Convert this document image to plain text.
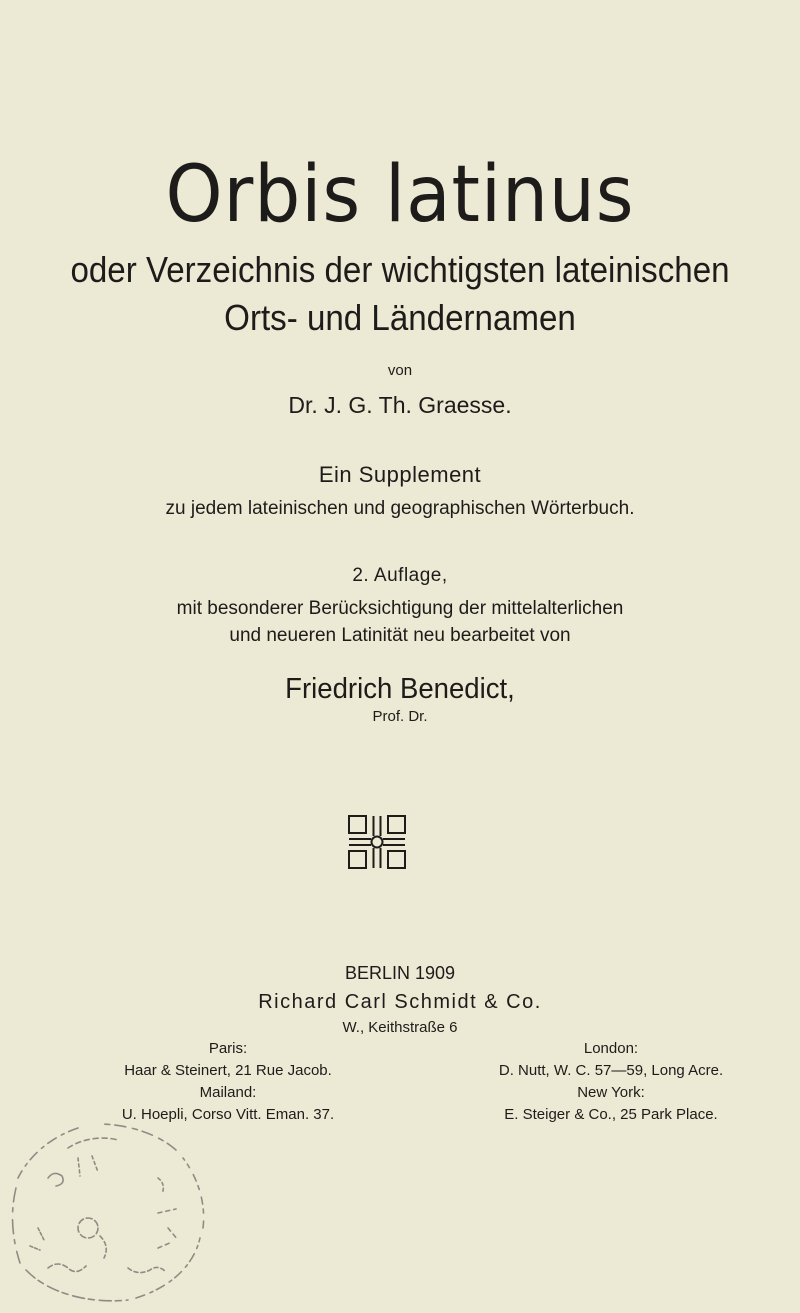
Orbis latinus
oder Verzeichnis der wichtigsten lateinischen
Orts- und Ländernamen
von
Dr. J. G. Th. Graesse.
Ein Supplement
zu jedem lateinischen und geographischen Wörterbuch.
2. Auflage,
mit besonderer Berücksichtigung der mittelalterlichen
und neueren Latinität neu bearbeitet von
Friedrich Benedict,
Prof. Dr.
BERLIN 1909
Richard Carl Schmidt & Co.
W., Keithstraße 6
Paris:
Haar & Steinert, 21 Rue Jacob.
Mailand:
U. Hoepli, Corso Vitt. Eman. 37.
London:
D. Nutt, W. C. 57—59, Long Acre.
New York:
E. Steiger & Co., 25 Park Place.
